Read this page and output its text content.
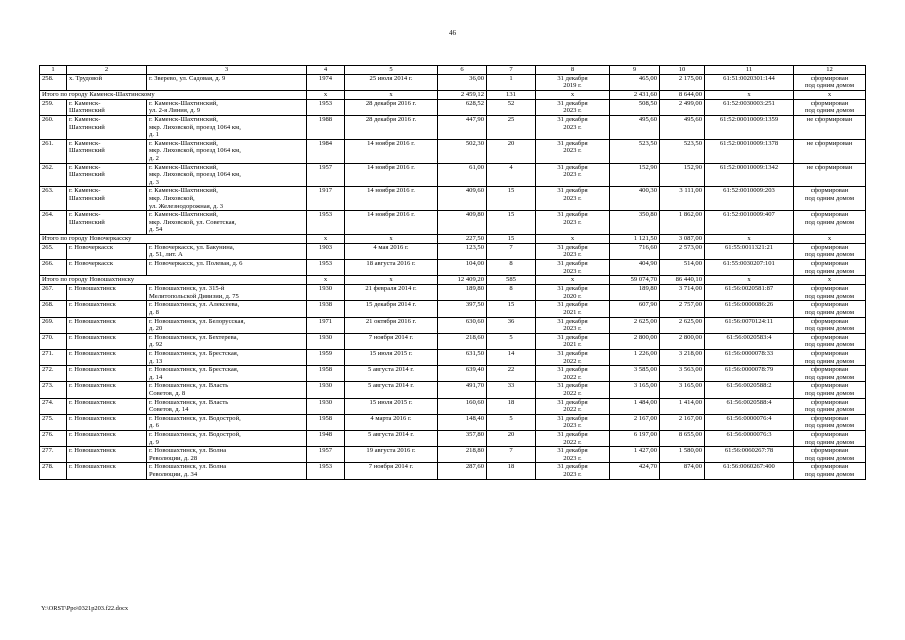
46
1	2	3	4	5	6	7	8	9	10	11	12
258.	х. Трудовой	г. Зверево, ул. Садовая, д. 9	1974	25 июля 2014 г.	36,00	1	31 декабря
2019 г.	465,00	2 175,00	61:51:0020301:144	сформирован
под одним домом
Итого по городу Каменск-Шахтинскому			х	х	2 459,12	131	х	2 431,60	8 644,00	х	х
259.	г. Каменск-
Шахтинский	г. Каменск-Шахтинский,
ул. 2-я Линия, д. 9	1953	28 декабря 2016 г.	628,52	52	31 декабря
2023 г.	508,50	2 499,00	61:52:0030003:251	сформирован
под одним домом
260.	г. Каменск-
Шахтинский	г. Каменск-Шахтинский,
мкр. Лиховской, проезд 1064 км,
д. 1	1988	28 декабря 2016 г.	447,90	25	31 декабря
2023 г.	495,60	495,60	61:52:00010009:1359	не сформирован
261.	г. Каменск-
Шахтинский	г. Каменск-Шахтинский,
мкр. Лиховской, проезд 1064 км,
д. 2	1984	14 ноября 2016 г.	502,30	20	31 декабря
2023 г.	523,50	523,50	61:52:00010009:1378	не сформирован
262.	г. Каменск-
Шахтинский	г. Каменск-Шахтинский,
мкр. Лиховской, проезд 1064 км,
д. 3	1957	14 ноября 2016 г.	61,00	4	31 декабря
2023 г.	152,90	152,90	61:52:00010009:1342	не сформирован
263.	г. Каменск-
Шахтинский	г. Каменск-Шахтинский,
мкр. Лиховской,
ул. Железнодорожная, д. 3	1917	14 ноября 2016 г.	409,60	15	31 декабря
2023 г.	400,30	3 111,00	61:52:0010009:203	сформирован
под одним домом
264.	г. Каменск-
Шахтинский	г. Каменск-Шахтинский,
мкр. Лиховской, ул. Советская,
д. 54	1953	14 ноября 2016 г.	409,80	15	31 декабря
2023 г.	350,80	1 862,00	61:52:0010009:407	сформирован
под одним домом
Итого по городу Новочеркасску			х	х	227,50	15	х	1 121,50	3 087,00	х	х
265.	г. Новочеркасск	г. Новочеркасск, ул. Бакунина,
д. 51, лит. А	1903	4 мая 2016 г.	123,50	7	31 декабря
2023 г.	716,60	2 573,00	61:55:0011321:21	сформирован
под одним домом
266.	г. Новочеркасск	г. Новочеркасск, ул. Полевая, д. 6	1953	18 августа 2016 г.	104,00	8	31 декабря
2023 г.	404,90	514,00	61:55:0030207:101	сформирован
под одним домом
Итого по городу Новошахтинску			х	х	12 409,20	585	х	59 074,70	86 440,10	х	х
267.	г. Новошахтинск	г. Новошахтинск, ул. 315-й
Мелитопольской Дивизии, д. 75	1930	21 февраля 2014 г.	189,80	8	31 декабря
2020 г.	189,80	3 714,00	61:56:0020581:87	сформирован
под одним домом
268.	г. Новошахтинск	г. Новошахтинск, ул. Алексеева,
д. 8	1938	15 декабря 2014 г.	397,50	15	31 декабря
2021 г.	607,90	2 757,00	61:56:0000086:26	сформирован
под одним домом
269.	г. Новошахтинск	г. Новошахтинск, ул. Белорусская,
д. 20	1971	21 октября 2016 г.	630,60	36	31 декабря
2023 г.	2 625,00	2 625,00	61:56:0070124:11	сформирован
под одним домом
270.	г. Новошахтинск	г. Новошахтинск, ул. Бехтерева,
д. 92	1930	7 ноября 2014 г.	218,60	5	31 декабря
2021 г.	2 800,00	2 800,00	61:56:0020583:4	сформирован
под одним домом
271.	г. Новошахтинск	г. Новошахтинск, ул. Брестская,
д. 13	1959	15 июля 2015 г.	631,50	14	31 декабря
2022 г.	1 226,00	3 218,00	61:56:0000078:33	сформирован
под одним домом
272.	г. Новошахтинск	г. Новошахтинск, ул. Брестская,
д. 14	1958	5 августа 2014 г.	639,40	22	31 декабря
2022 г.	3 585,00	3 563,00	61:56:0000078:79	сформирован
под одним домом
273.	г. Новошахтинск	г. Новошахтинск, ул. Власть
Советов, д. 8	1930	5 августа 2014 г.	491,70	33	31 декабря
2022 г.	3 165,00	3 165,00	61:56:0020588:2	сформирован
под одним домом
274.	г. Новошахтинск	г. Новошахтинск, ул. Власть
Советов, д. 14	1930	15 июля 2015 г.	160,60	18	31 декабря
2022 г.	1 484,00	1 414,00	61:56:0020588:4	сформирован
под одним домом
275.	г. Новошахтинск	г. Новошахтинск, ул. Водострой,
д. 6	1958	4 марта 2016 г.	148,40	5	31 декабря
2023 г.	2 167,00	2 167,00	61:56:0000076:4	сформирован
под одним домом
276.	г. Новошахтинск	г. Новошахтинск, ул. Водострой,
д. 9	1948	5 августа 2014 г.	357,80	20	31 декабря
2022 г.	6 197,00	8 655,00	61:56:0000076:3	сформирован
под одним домом
277.	г. Новошахтинск	г. Новошахтинск, ул. Волна
Революции, д. 28	1957	19 августа 2016 г.	218,80	7	31 декабря
2023 г.	1 427,00	1 580,00	61:56:0060267:78	сформирован
под одним домом
278.	г. Новошахтинск	г. Новошахтинск, ул. Волна
Революции, д. 34	1953	7 ноября 2014 г.	287,60	18	31 декабря
2023 г.	424,70	874,00	61:56:0060267:400	сформирован
под одним домом
Y:\ORST\Ppo\0321p203.f22.docx
